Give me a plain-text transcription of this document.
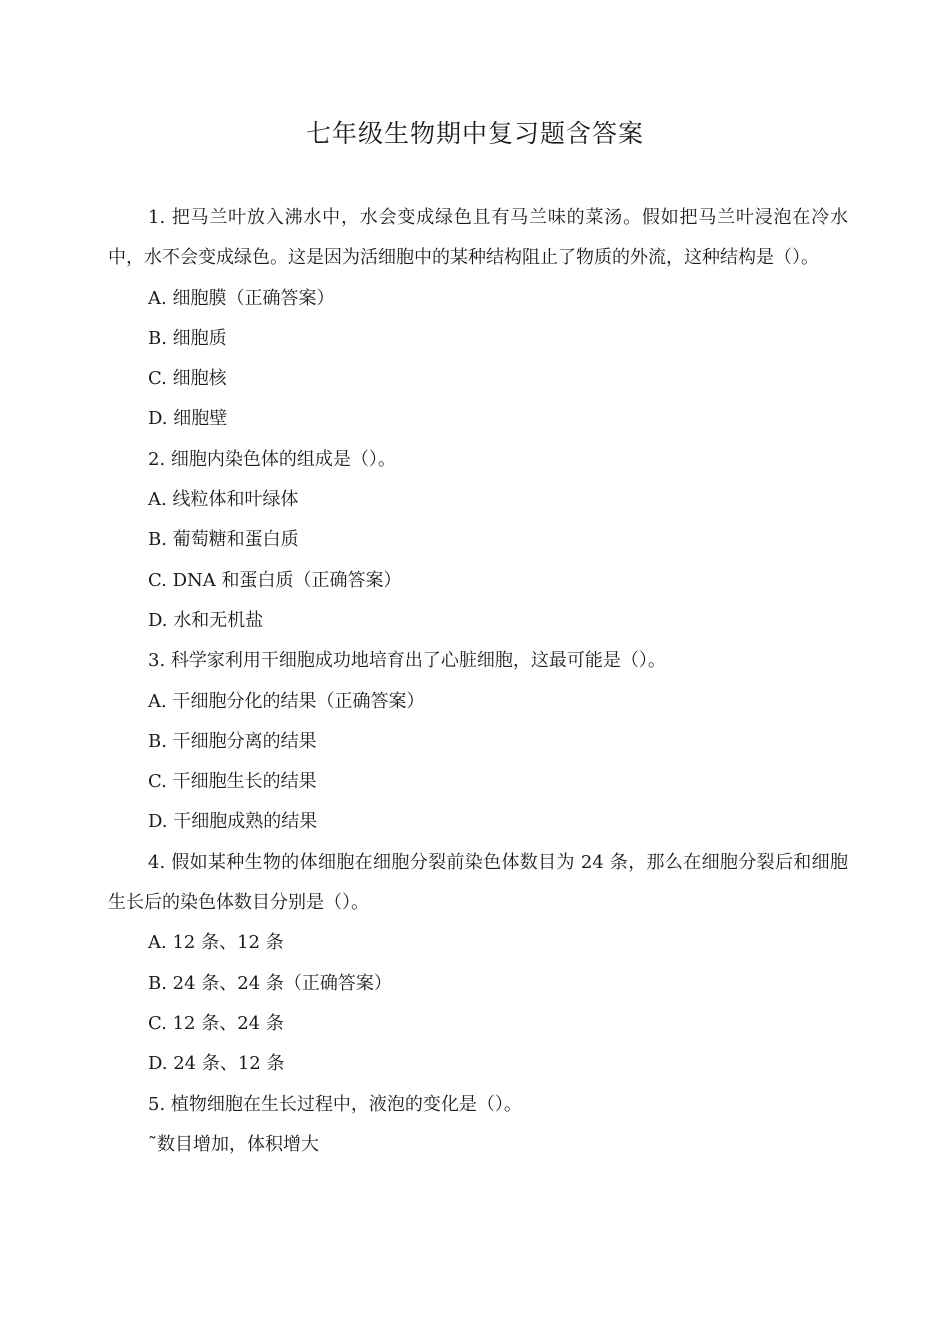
七年级生物期中复习题含答案

1. 把马兰叶放入沸水中，水会变成绿色且有马兰味的菜汤。假如把马兰叶浸泡在冷水中，水不会变成绿色。这是因为活细胞中的某种结构阻止了物质的外流，这种结构是（）。

A. 细胞膜（正确答案）

B. 细胞质

C. 细胞核

D. 细胞壁

2. 细胞内染色体的组成是（）。

A. 线粒体和叶绿体

B. 葡萄糖和蛋白质

C. DNA 和蛋白质（正确答案）

D. 水和无机盐

3. 科学家利用干细胞成功地培育出了心脏细胞，这最可能是（）。

A. 干细胞分化的结果（正确答案）

B. 干细胞分离的结果

C. 干细胞生长的结果

D. 干细胞成熟的结果

4. 假如某种生物的体细胞在细胞分裂前染色体数目为 24 条，那么在细胞分裂后和细胞生长后的染色体数目分别是（）。

A. 12 条、12 条

B. 24 条、24 条（正确答案）

C. 12 条、24 条

D. 24 条、12 条

5. 植物细胞在生长过程中，液泡的变化是（）。

˜数目增加，体积增大
